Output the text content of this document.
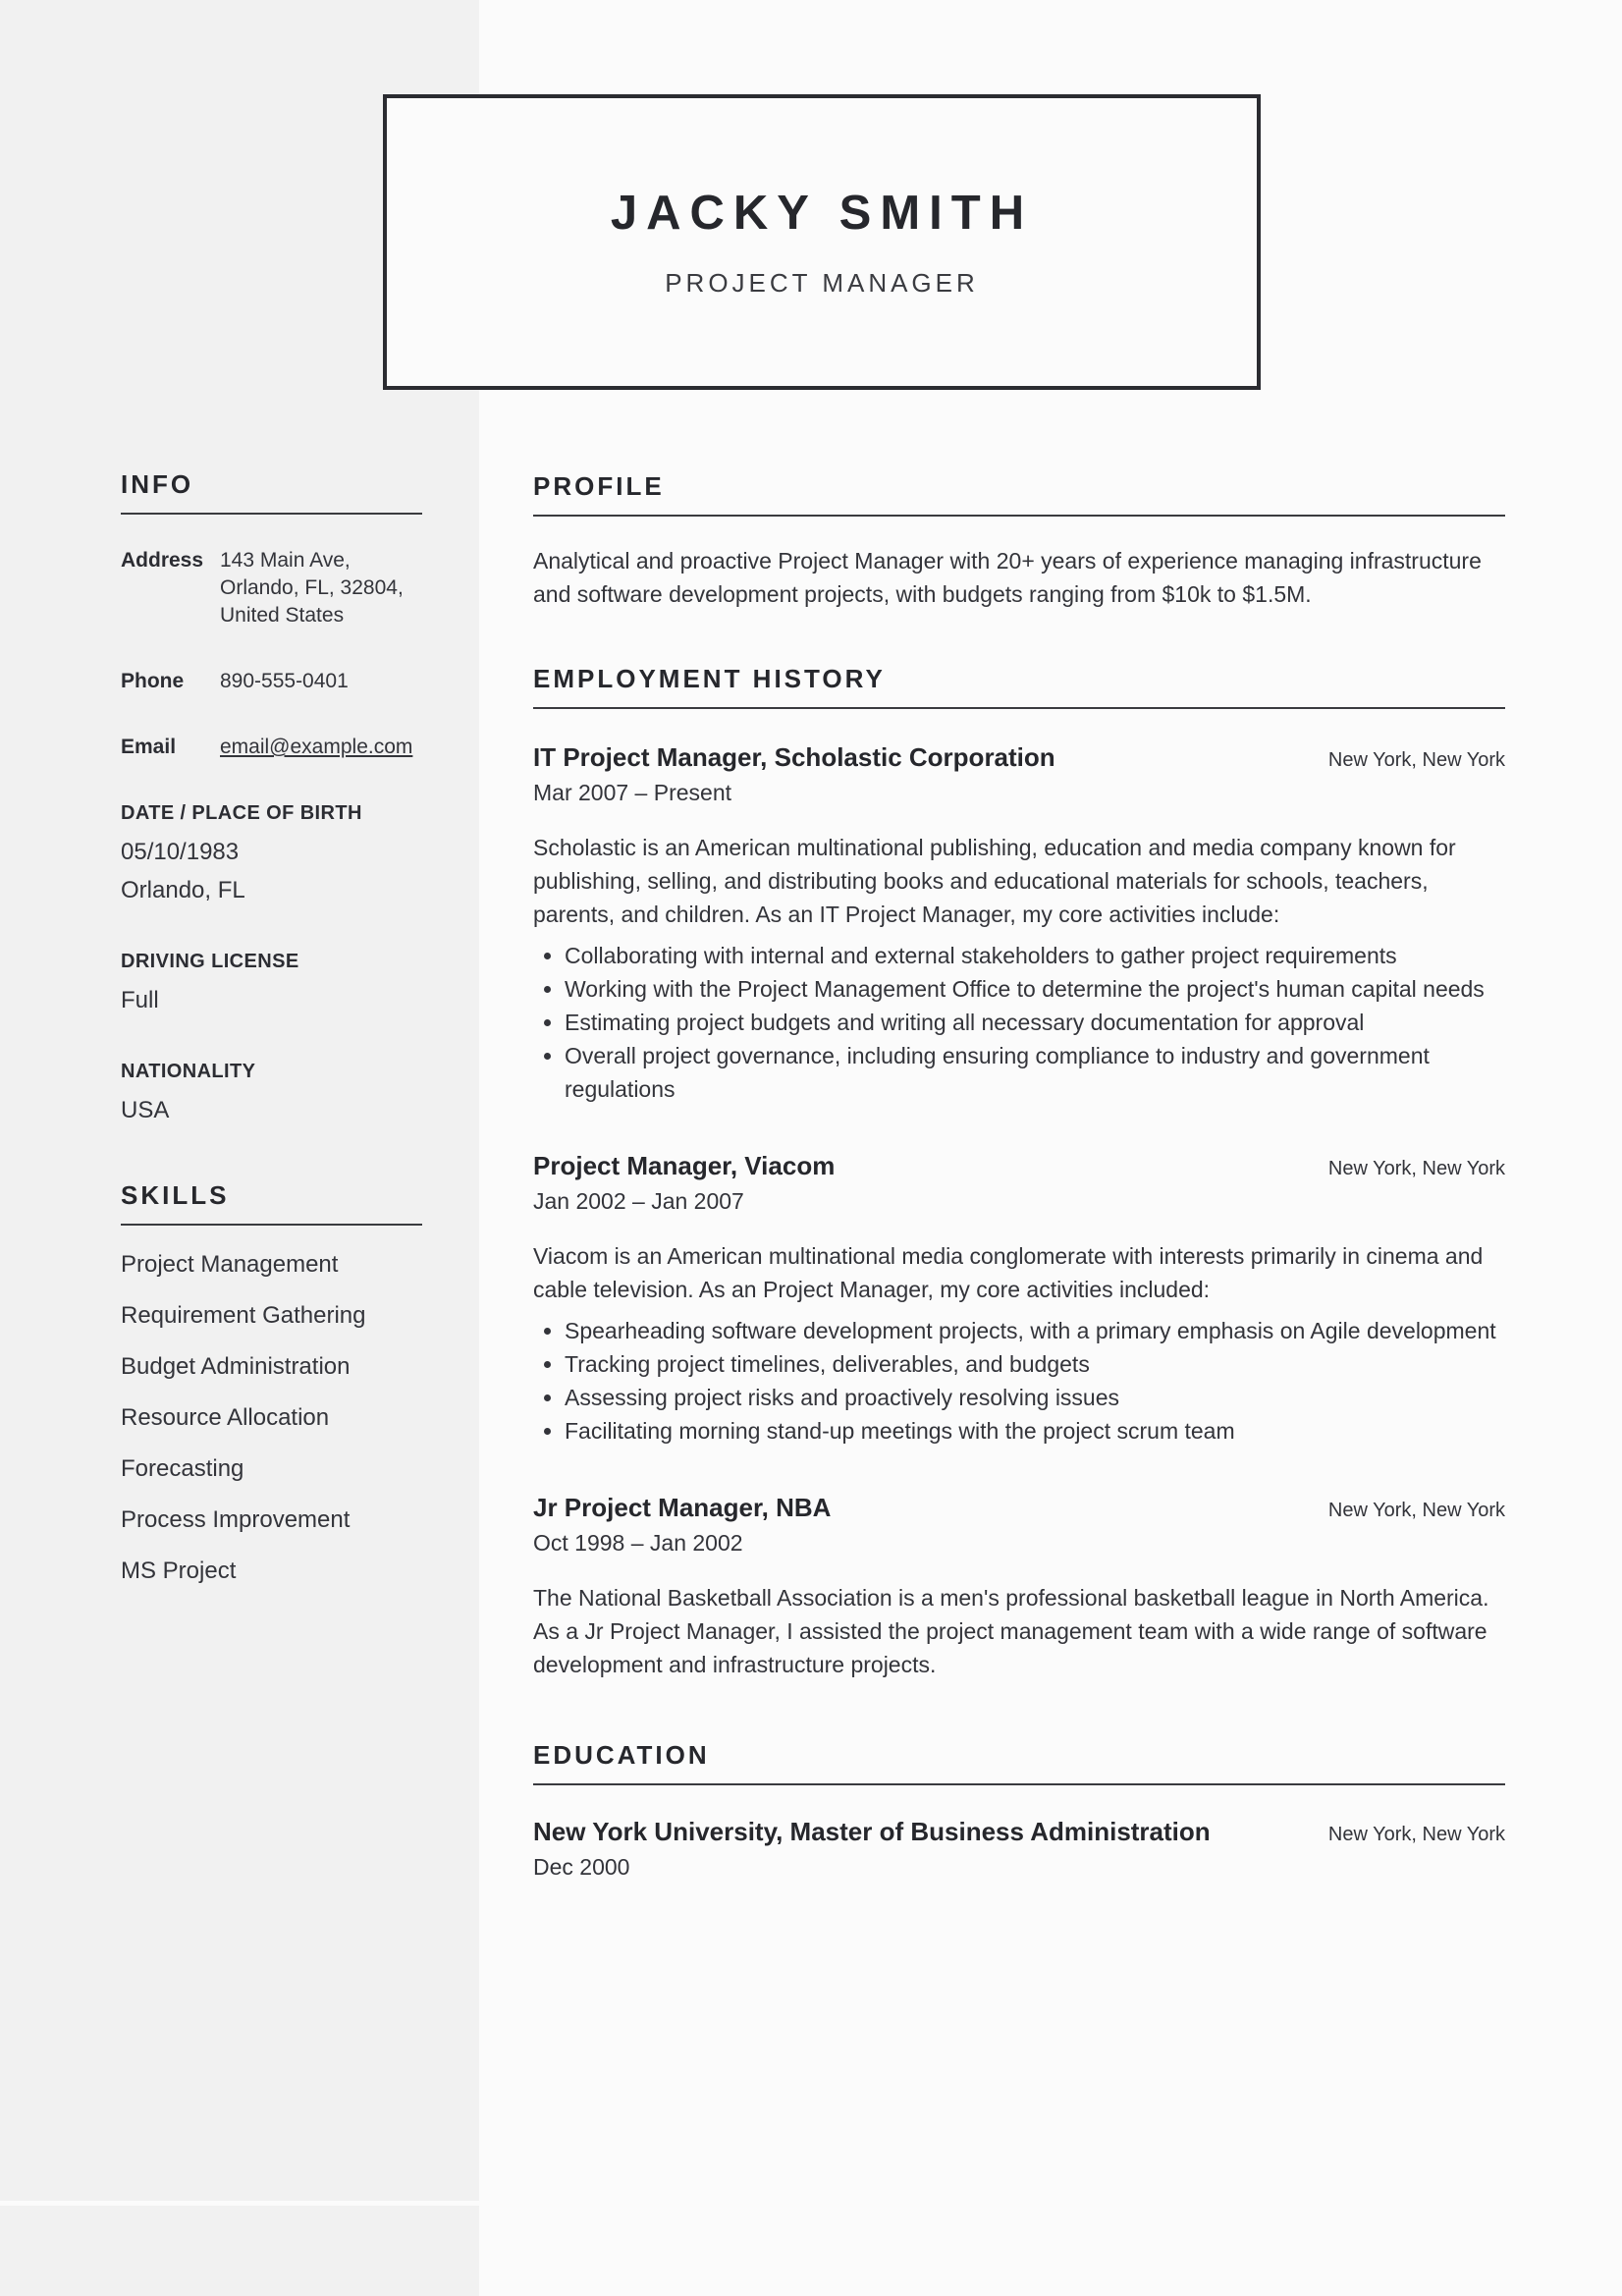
INFO
Address 143 Main Ave,
Orlando, FL, 32804,
United States
Phone	890-555-0401
Email	email@example.com
DATE / PLACE OF BIRTH
05/10/1983
Orlando, FL
DRIVING LICENSE
Full
NATIONALITY
USA
SKILLS
Project Management
Requirement Gathering
Budget Administration
Resource Allocation
Forecasting
Process Improvement
MS Project
JACKY SMITH
PROJECT MANAGER
PROFILE

Analytical and proactive Project Manager with 20+ years of experience managing infrastructure and software development projects, with budgets ranging from $10k to $1.5M.

EMPLOYMENT HISTORY
IT Project Manager, Scholastic Corporation	New York, New York
Mar 2007 – Present

Scholastic is an American multinational publishing, education and media company known for publishing, selling, and distributing books and educational materials for schools, teachers, parents, and children. As an IT Project Manager, my core activities include:

• Collaborating with internal and external stakeholders to gather project requirements
• Working with the Project Management Office to determine the project's human capital needs
• Estimating project budgets and writing all necessary documentation for approval
• Overall project governance, including ensuring compliance to industry and government regulations
Project Manager, Viacom	New York, New York
Jan 2002 – Jan 2007

Viacom is an American multinational media conglomerate with interests primarily in cinema and cable television. As an Project Manager, my core activities included:

• Spearheading software development projects, with a primary emphasis on Agile development
• Tracking project timelines, deliverables, and budgets
• Assessing project risks and proactively resolving issues
• Facilitating morning stand-up meetings with the project scrum team
Jr Project Manager, NBA	New York, New York
Oct 1998 – Jan 2002

The National Basketball Association is a men's professional basketball league in North America. As a Jr Project Manager, I assisted the project management team with a wide range of software development and infrastructure projects.

EDUCATION
New York University, Master of Business Administration	New York, New York
Dec 2000
